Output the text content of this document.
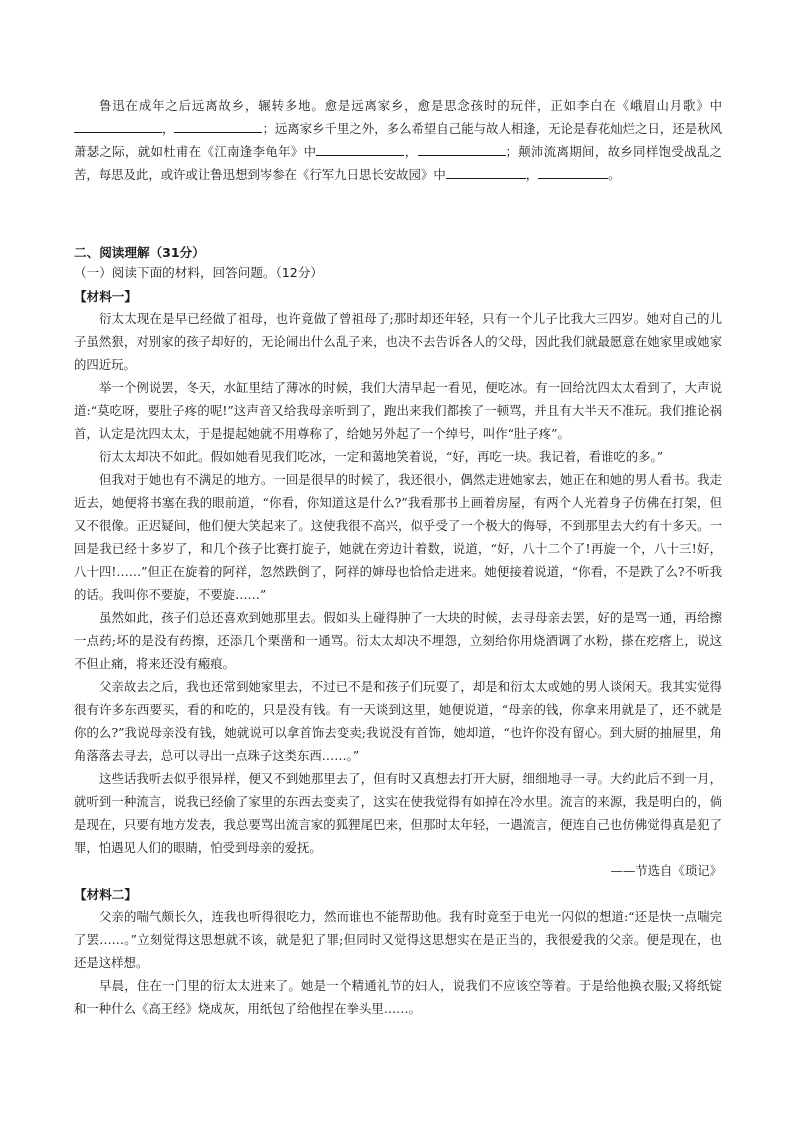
鲁迅在成年之后远离故乡，辗转多地。愈是远离家乡，愈是思念孩时的玩伴，正如李白在《峨眉山月歌》中，	；远离家乡千里之外，多么希望自己能与故人相逢，无论是春花灿烂之日，还是秋风萧瑟之际，就如杜甫在《江南逢李龟年》中	，	；颠沛流离期间，故乡同样饱受战乱之苦，每思及此，或许或让鲁迅想到岑参在《行军九日思长安故园》中	，	。

二、阅读理解（31分）

（一）阅读下面的材料，回答问题。（12分）

【材料一】

衍太太现在是早已经做了祖母，也许竟做了曾祖母了;那时却还年轻，只有一个儿子比我大三四岁。她对自己的儿子虽然狠，对别家的孩子却好的，无论闹出什么乱子来，也决不去告诉各人的父母，因此我们就最愿意在她家里或她家的四近玩。

举一个例说罢，冬天，水缸里结了薄冰的时候，我们大清早起一看见，便吃冰。有一回给沈四太太看到了，大声说道:“莫吃呀，要肚子疼的呢!”这声音又给我母亲听到了，跑出来我们都挨了一顿骂，并且有大半天不准玩。我们推论祸首，认定是沈四太太，于是提起她就不用尊称了，给她另外起了一个绰号，叫作“肚子疼”。

衍太太却决不如此。假如她看见我们吃冰，一定和蔼地笑着说，“好，再吃一块。我记着，看谁吃的多。”

但我对于她也有不满足的地方。一回是很早的时候了，我还很小，偶然走进她家去，她正在和她的男人看书。我走近去，她便将书塞在我的眼前道，“你看，你知道这是什么?”我看那书上画着房屋，有两个人光着身子仿佛在打架，但又不很像。正迟疑间，他们便大笑起来了。这使我很不高兴，似乎受了一个极大的侮辱，不到那里去大约有十多天。一回是我已经十多岁了，和几个孩子比赛打旋子，她就在旁边计着数，说道，“好，八十二个了!再旋一个，八十三!好，八十四!……”但正在旋着的阿祥，忽然跌倒了，阿祥的婶母也恰恰走进来。她便接着说道，“你看，不是跌了么?不听我的话。我叫你不要旋，不要旋……”

虽然如此，孩子们总还喜欢到她那里去。假如头上碰得肿了一大块的时候，去寻母亲去罢，好的是骂一通，再给擦一点药;坏的是没有药擦，还添几个栗凿和一通骂。衍太太却决不埋怨，立刻给你用烧酒调了水粉，搽在疙瘩上，说这不但止痛，将来还没有瘢痕。

父亲故去之后，我也还常到她家里去，不过已不是和孩子们玩耍了，却是和衍太太或她的男人谈闲天。我其实觉得很有许多东西要买，看的和吃的，只是没有钱。有一天谈到这里，她便说道，“母亲的钱，你拿来用就是了，还不就是你的么?”我说母亲没有钱，她就说可以拿首饰去变卖;我说没有首饰，她却道，“也许你没有留心。到大厨的抽屉里，角角落落去寻去，总可以寻出一点珠子这类东西……。”

这些话我听去似乎很异样，便又不到她那里去了，但有时又真想去打开大厨，细细地寻一寻。大约此后不到一月，就听到一种流言，说我已经偷了家里的东西去变卖了，这实在使我觉得有如掉在冷水里。流言的来源，我是明白的，倘是现在，只要有地方发表，我总要骂出流言家的狐狸尾巴来，但那时太年轻，一遇流言，便连自己也仿佛觉得真是犯了罪，怕遇见人们的眼睛，怕受到母亲的爱抚。

——节选自《琐记》

【材料二】

父亲的喘气颇长久，连我也听得很吃力，然而谁也不能帮助他。我有时竟至于电光一闪似的想道:“还是快一点喘完了罢……。”立刻觉得这思想就不该，就是犯了罪;但同时又觉得这思想实在是正当的，我很爱我的父亲。便是现在，也还是这样想。

早晨，住在一门里的衍太太进来了。她是一个精通礼节的妇人，说我们不应该空等着。于是给他换衣服;又将纸锭和一种什么《高王经》烧成灰，用纸包了给他捏在拳头里……。
